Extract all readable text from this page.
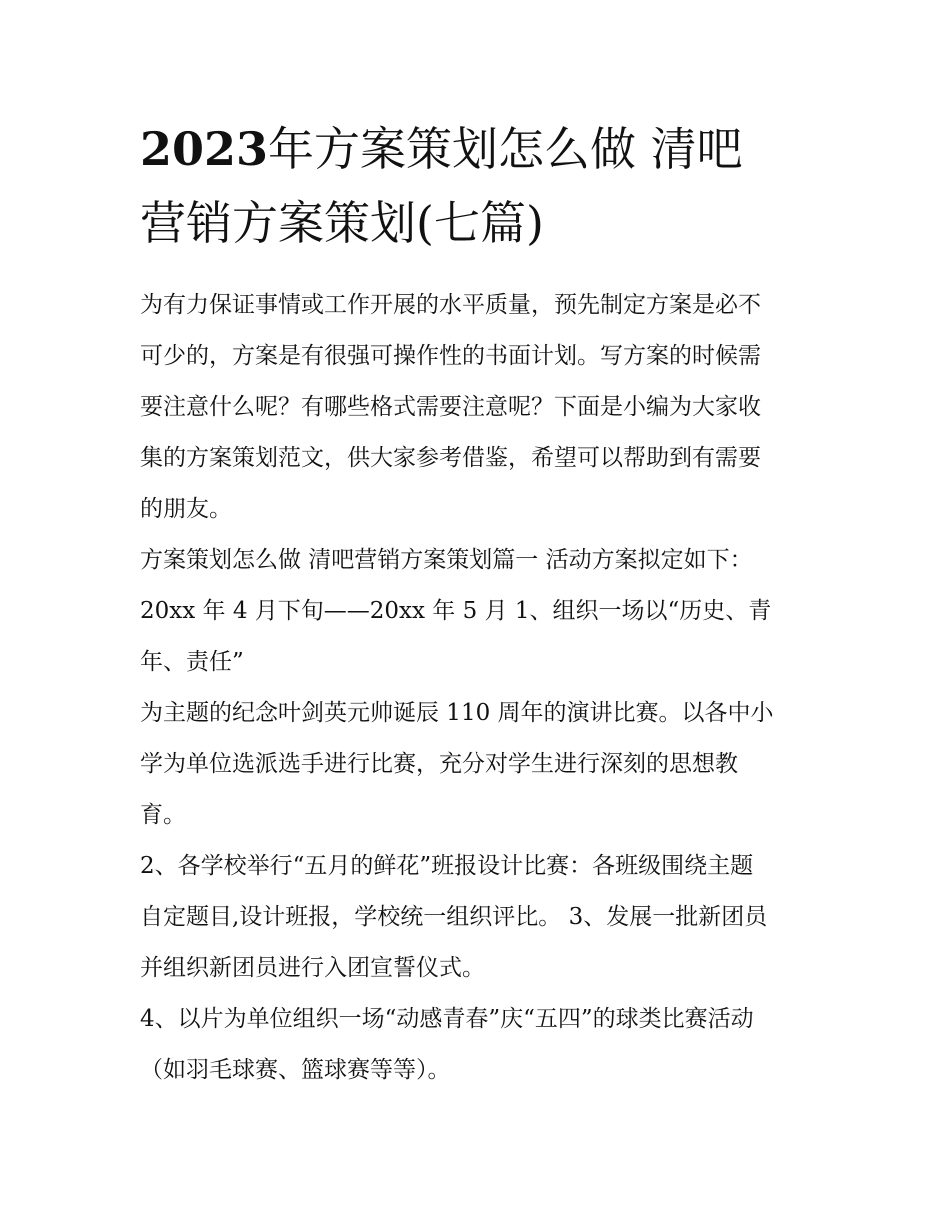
2023年方案策划怎么做 清吧
营销方案策划(七篇)

为有力保证事情或工作开展的水平质量，预先制定方案是必不
可少的，方案是有很强可操作性的书面计划。写方案的时候需
要注意什么呢？有哪些格式需要注意呢？下面是小编为大家收
集的方案策划范文，供大家参考借鉴，希望可以帮助到有需要
的朋友。

方案策划怎么做 清吧营销方案策划篇一 活动方案拟定如下：
20xx 年 4 月下旬——20xx 年 5 月 1、组织一场以“历史、青
年、责任”

为主题的纪念叶剑英元帅诞辰 110 周年的演讲比赛。以各中小
学为单位选派选手进行比赛，充分对学生进行深刻的思想教
育。

2、各学校举行“五月的鲜花”班报设计比赛：各班级围绕主题
自定题目,设计班报，学校统一组织评比。 3、发展一批新团员
并组织新团员进行入团宣誓仪式。

4、以片为单位组织一场“动感青春”庆“五四”的球类比赛活动
（如羽毛球赛、篮球赛等等）。
